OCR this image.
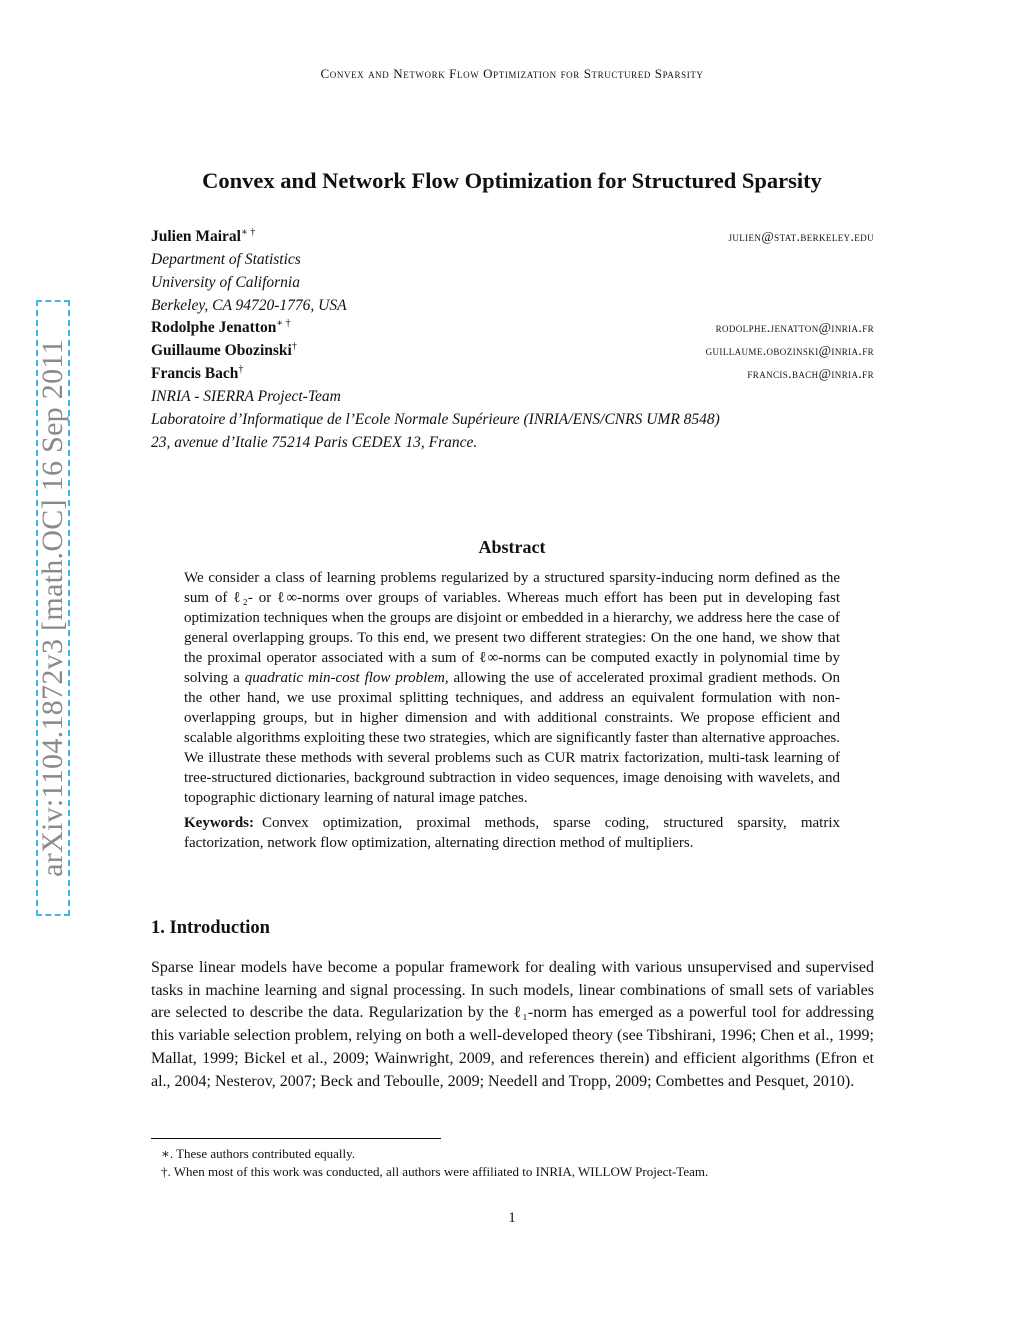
Convex and Network Flow Optimization for Structured Sparsity
Convex and Network Flow Optimization for Structured Sparsity
Julien Mairal∗ †	julien@stat.berkeley.edu
Department of Statistics
University of California
Berkeley, CA 94720-1776, USA
Rodolphe Jenatton∗ †	rodolphe.jenatton@inria.fr
Guillaume Obozinski†	guillaume.obozinski@inria.fr
Francis Bach†	francis.bach@inria.fr
INRIA - SIERRA Project-Team
Laboratoire d’Informatique de l’Ecole Normale Supérieure (INRIA/ENS/CNRS UMR 8548)
23, avenue d’Italie 75214 Paris CEDEX 13, France.
Abstract

We consider a class of learning problems regularized by a structured sparsity-inducing norm defined as the sum of ℓ₂- or ℓ∞-norms over groups of variables. Whereas much effort has been put in developing fast optimization techniques when the groups are disjoint or embedded in a hierarchy, we address here the case of general overlapping groups. To this end, we present two different strategies: On the one hand, we show that the proximal operator associated with a sum of ℓ∞-norms can be computed exactly in polynomial time by solving a quadratic min-cost flow problem, allowing the use of accelerated proximal gradient methods. On the other hand, we use proximal splitting techniques, and address an equivalent formulation with non-overlapping groups, but in higher dimension and with additional constraints. We propose efficient and scalable algorithms exploiting these two strategies, which are significantly faster than alternative approaches. We illustrate these methods with several problems such as CUR matrix factorization, multi-task learning of tree-structured dictionaries, background subtraction in video sequences, image denoising with wavelets, and topographic dictionary learning of natural image patches.

Keywords: Convex optimization, proximal methods, sparse coding, structured sparsity, matrix factorization, network flow optimization, alternating direction method of multipliers.

1. Introduction

Sparse linear models have become a popular framework for dealing with various unsupervised and supervised tasks in machine learning and signal processing. In such models, linear combinations of small sets of variables are selected to describe the data. Regularization by the ℓ₁-norm has emerged as a powerful tool for addressing this variable selection problem, relying on both a well-developed theory (see Tibshirani, 1996; Chen et al., 1999; Mallat, 1999; Bickel et al., 2009; Wainwright, 2009, and references therein) and efficient algorithms (Efron et al., 2004; Nesterov, 2007; Beck and Teboulle, 2009; Needell and Tropp, 2009; Combettes and Pesquet, 2010).

∗. These authors contributed equally.
†. When most of this work was conducted, all authors were affiliated to INRIA, WILLOW Project-Team.
1
arXiv:1104.1872v3 [math.OC] 16 Sep 2011
